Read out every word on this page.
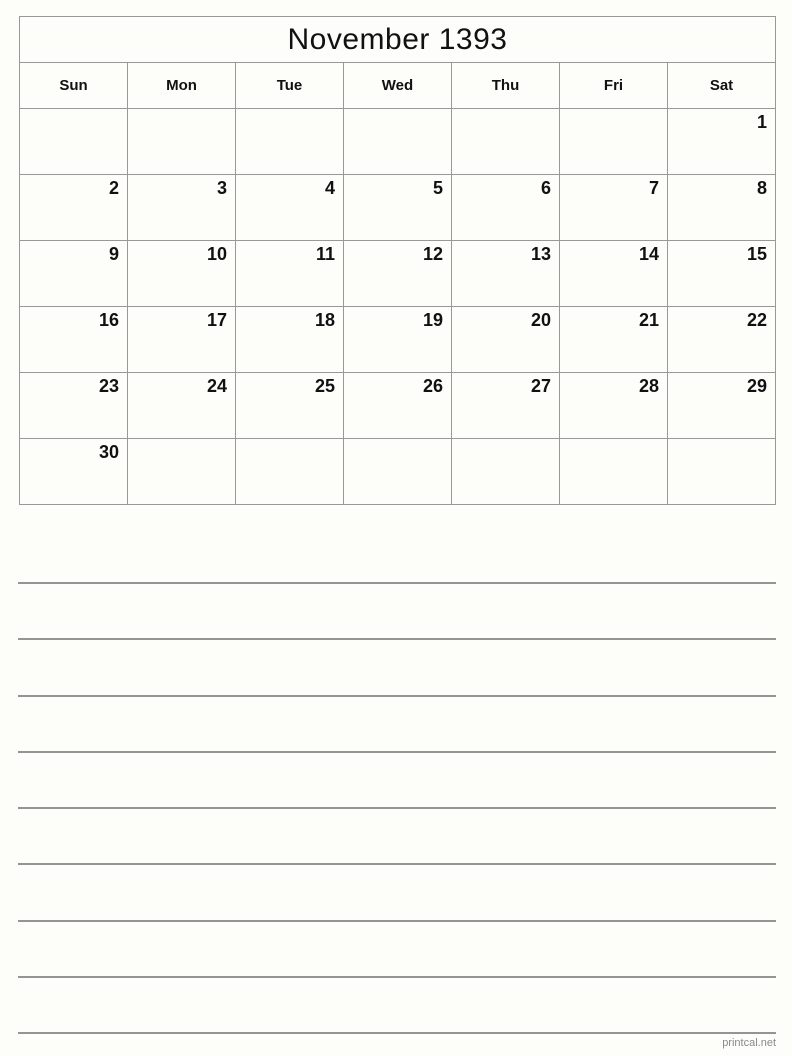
November 1393						
Sun	Mon	Tue	Wed	Thu	Fri	Sat
						1
2	3	4	5	6	7	8
9	10	11	12	13	14	15
16	17	18	19	20	21	22
23	24	25	26	27	28	29
30						
printcal.net
